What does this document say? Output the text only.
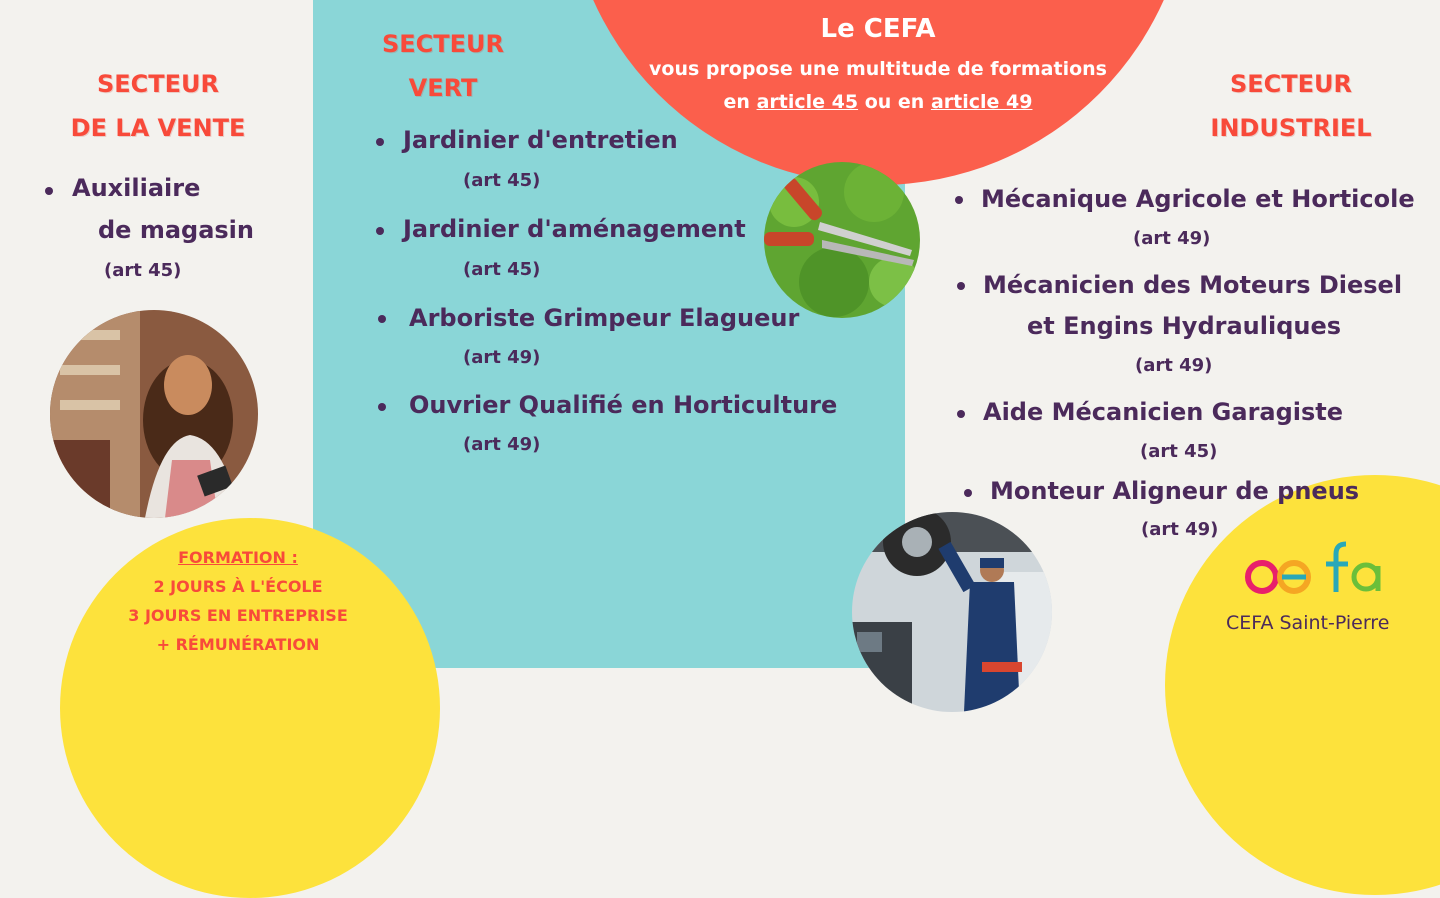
Le CEFA
vous propose une multitude de formations
en article 45 ou en article 49
SECTEUR
DE LA VENTE
Auxiliaire
de magasin
(art 45)
FORMATION :
2 JOURS À L'ÉCOLE
3 JOURS EN ENTREPRISE
+ RÉMUNÉRATION
SECTEUR
VERT
Jardinier d'entretien
(art 45)
Jardinier d'aménagement
(art 45)
Arboriste Grimpeur Elagueur
(art 49)
Ouvrier Qualifié en Horticulture
(art 49)
SECTEUR
INDUSTRIEL
Mécanique Agricole et Horticole
(art 49)
Mécanicien des Moteurs Diesel
et Engins Hydrauliques
(art 49)
Aide Mécanicien Garagiste
(art 45)
Monteur Aligneur de pneus
(art 49)
CEFA Saint-Pierre
